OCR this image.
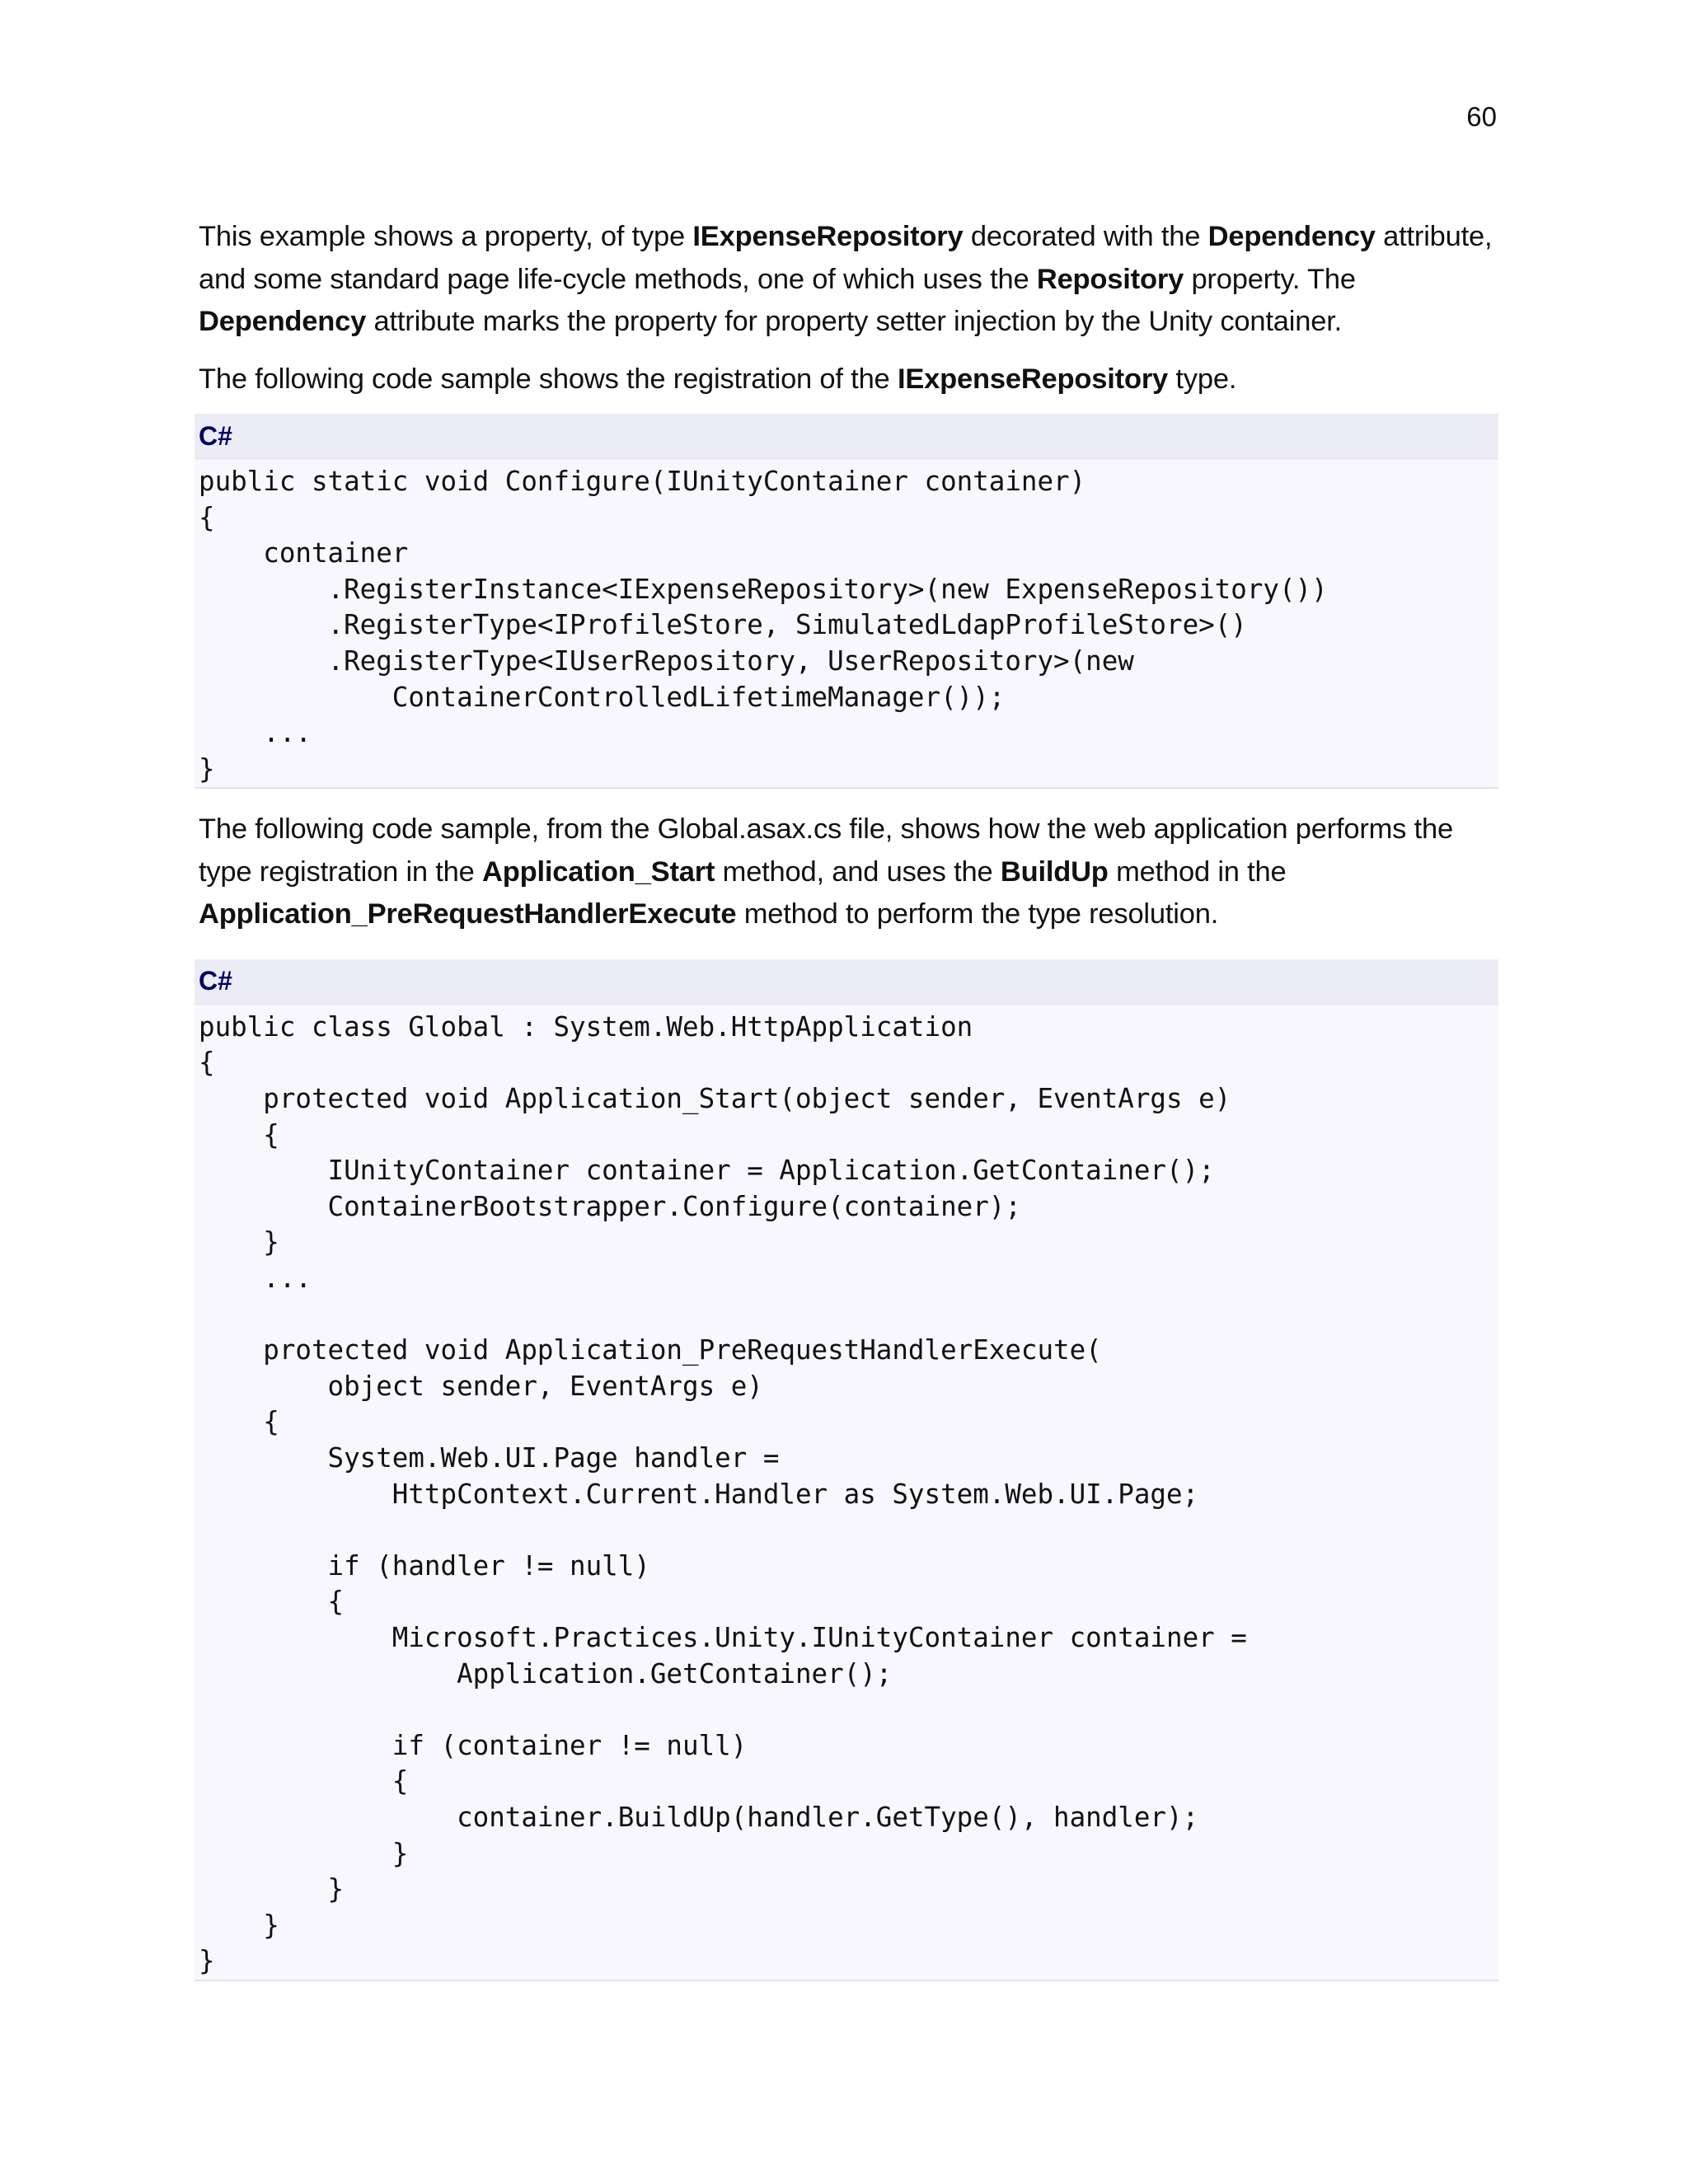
60

This example shows a property, of type IExpenseRepository decorated with the Dependency attribute, and some standard page life-cycle methods, one of which uses the Repository property. The Dependency attribute marks the property for property setter injection by the Unity container.

The following code sample shows the registration of the IExpenseRepository type.

C#
public static void Configure(IUnityContainer container)
{
container
.RegisterInstance<IExpenseRepository>(new ExpenseRepository())
.RegisterType<IProfileStore, SimulatedLdapProfileStore>()
.RegisterType<IUserRepository, UserRepository>(new
ContainerControlledLifetimeManager());
...
}

The following code sample, from the Global.asax.cs file, shows how the web application performs the type registration in the Application_Start method, and uses the BuildUp method in the Application_PreRequestHandlerExecute method to perform the type resolution.

C#
public class Global : System.Web.HttpApplication
{
protected void Application_Start(object sender, EventArgs e)
{
IUnityContainer container = Application.GetContainer();
ContainerBootstrapper.Configure(container);
}
...

protected void Application_PreRequestHandlerExecute(
object sender, EventArgs e)
{
System.Web.UI.Page handler =
HttpContext.Current.Handler as System.Web.UI.Page;

if (handler != null)
{
Microsoft.Practices.Unity.IUnityContainer container =
Application.GetContainer();

if (container != null)
{
container.BuildUp(handler.GetType(), handler);
}
}
}
}
